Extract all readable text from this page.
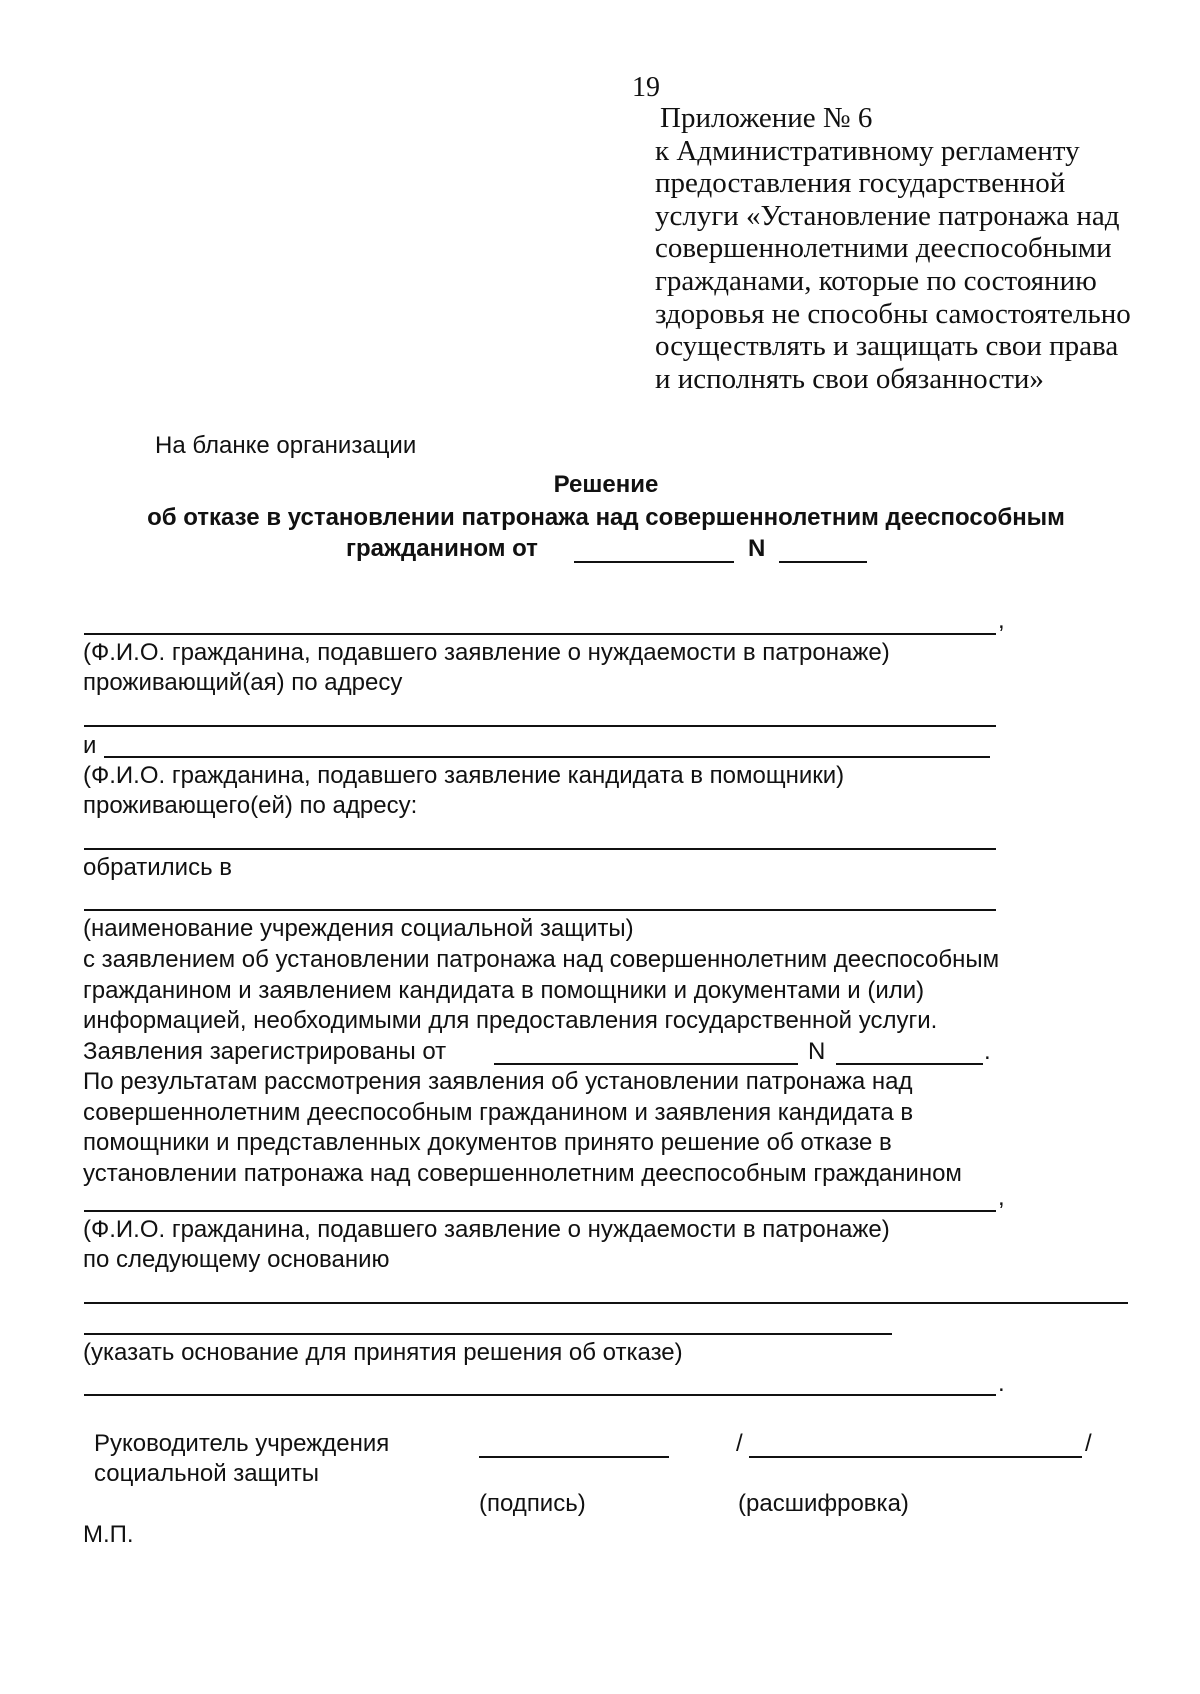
19
Приложение № 6
к Административному регламенту
предоставления государственной
услуги «Установление патронажа над
совершеннолетними дееспособными
гражданами, которые по состоянию
здоровья не способны самостоятельно
осуществлять и защищать свои права
и исполнять свои обязанности»
На бланке организации
Решение
об отказе в установлении патронажа над совершеннолетним дееспособным
гражданином от	N
,
(Ф.И.О. гражданина, подавшего заявление о нуждаемости в патронаже)
проживающий(ая) по адресу
и
(Ф.И.О. гражданина, подавшего заявление кандидата в помощники)
проживающего(ей) по адресу:
обратились в
(наименование учреждения социальной защиты)
с заявлением об установлении патронажа над совершеннолетним дееспособным
гражданином и заявлением кандидата в помощники и документами и (или)
информацией, необходимыми для предоставления государственной услуги.
Заявления зарегистрированы от	N	.
По результатам рассмотрения заявления об установлении патронажа над
совершеннолетним дееспособным гражданином и заявления кандидата в
помощники и представленных документов принято решение об отказе в
установлении патронажа над совершеннолетним дееспособным гражданином
,
(Ф.И.О. гражданина, подавшего заявление о нуждаемости в патронаже)
по следующему основанию
(указать основание для принятия решения об отказе)
.
Руководитель учреждения
социальной защиты
/	/
(подпись)	(расшифровка)
М.П.
